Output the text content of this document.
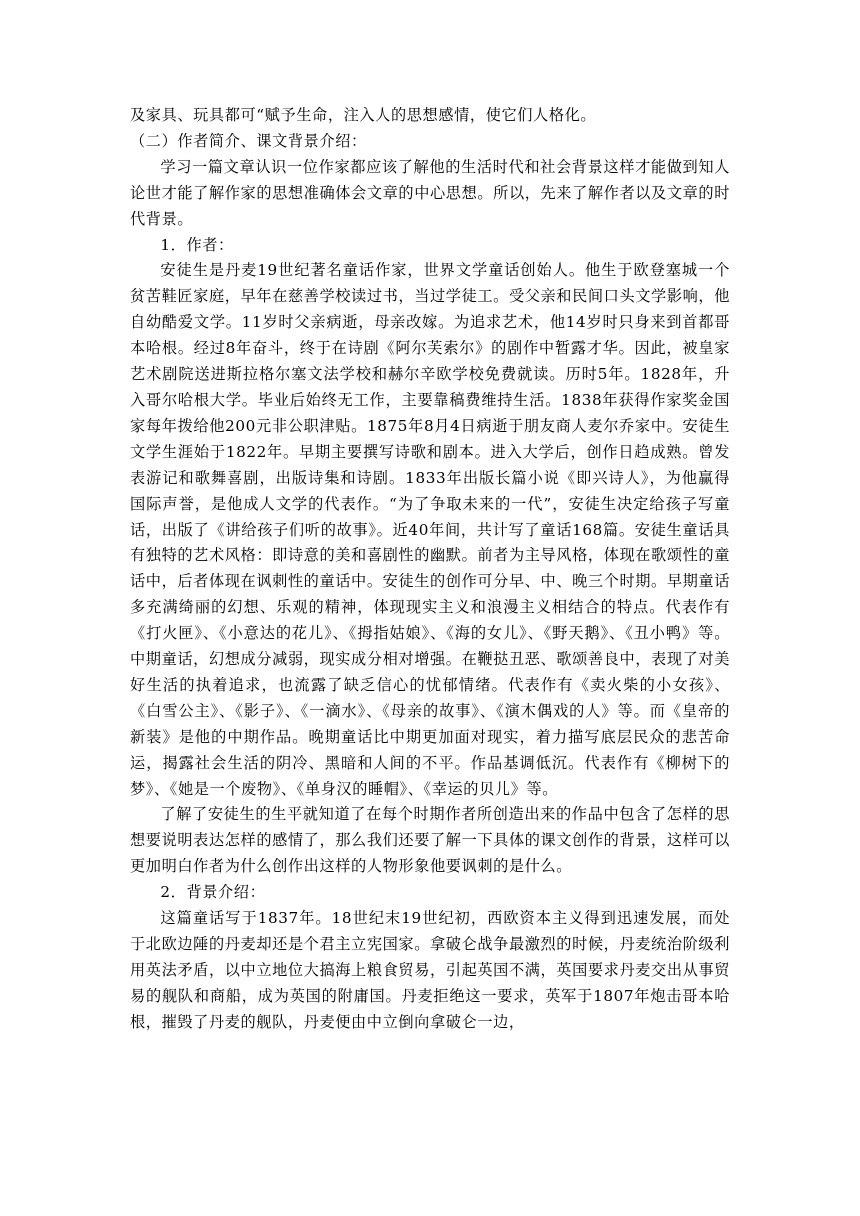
及家具、玩具都可“赋予生命，注入人的思想感情，使它们人格化。

（二）作者简介、课文背景介绍：

学习一篇文章认识一位作家都应该了解他的生活时代和社会背景这样才能做到知人论世才能了解作家的思想准确体会文章的中心思想。所以，先来了解作者以及文章的时代背景。

1．作者：

安徒生是丹麦19世纪著名童话作家，世界文学童话创始人。他生于欧登塞城一个贫苦鞋匠家庭，早年在慈善学校读过书，当过学徒工。受父亲和民间口头文学影响，他自幼酷爱文学。11岁时父亲病逝，母亲改嫁。为追求艺术，他14岁时只身来到首都哥本哈根。经过8年奋斗，终于在诗剧《阿尔芙索尔》的剧作中暂露才华。因此，被皇家艺术剧院送进斯拉格尔塞文法学校和赫尔辛欧学校免费就读。历时5年。1828年，升入哥尔哈根大学。毕业后始终无工作，主要靠稿费维持生活。1838年获得作家奖金国家每年拨给他200元非公职津贴。1875年8月4日病逝于朋友商人麦尔乔家中。安徒生文学生涯始于1822年。早期主要撰写诗歌和剧本。进入大学后，创作日趋成熟。曾发表游记和歌舞喜剧，出版诗集和诗剧。1833年出版长篇小说《即兴诗人》，为他赢得国际声誉，是他成人文学的代表作。“为了争取未来的一代”，安徒生决定给孩子写童话，出版了《讲给孩子们听的故事》。近40年间，共计写了童话168篇。安徒生童话具有独特的艺术风格：即诗意的美和喜剧性的幽默。前者为主导风格，体现在歌颂性的童话中，后者体现在讽刺性的童话中。安徒生的创作可分早、中、晚三个时期。早期童话多充满绮丽的幻想、乐观的精神，体现现实主义和浪漫主义相结合的特点。代表作有《打火匣》、《小意达的花儿》、《拇指姑娘》、《海的女儿》、《野天鹅》、《丑小鸭》等。中期童话，幻想成分减弱，现实成分相对增强。在鞭挞丑恶、歌颂善良中，表现了对美好生活的执着追求，也流露了缺乏信心的忧郁情绪。代表作有《卖火柴的小女孩》、《白雪公主》、《影子》、《一滴水》、《母亲的故事》、《演木偶戏的人》等。而《皇帝的新装》是他的中期作品。晚期童话比中期更加面对现实，着力描写底层民众的悲苦命运，揭露社会生活的阴冷、黑暗和人间的不平。作品基调低沉。代表作有《柳树下的梦》、《她是一个废物》、《单身汉的睡帽》、《幸运的贝儿》等。

了解了安徒生的生平就知道了在每个时期作者所创造出来的作品中包含了怎样的思想要说明表达怎样的感情了，那么我们还要了解一下具体的课文创作的背景，这样可以更加明白作者为什么创作出这样的人物形象他要讽刺的是什么。

2．背景介绍：

这篇童话写于1837年。18世纪末19世纪初，西欧资本主义得到迅速发展，而处于北欧边陲的丹麦却还是个君主立宪国家。拿破仑战争最激烈的时候，丹麦统治阶级利用英法矛盾，以中立地位大搞海上粮食贸易，引起英国不满，英国要求丹麦交出从事贸易的舰队和商船，成为英国的附庸国。丹麦拒绝这一要求，英军于1807年炮击哥本哈根，摧毁了丹麦的舰队，丹麦便由中立倒向拿破仑一边，
